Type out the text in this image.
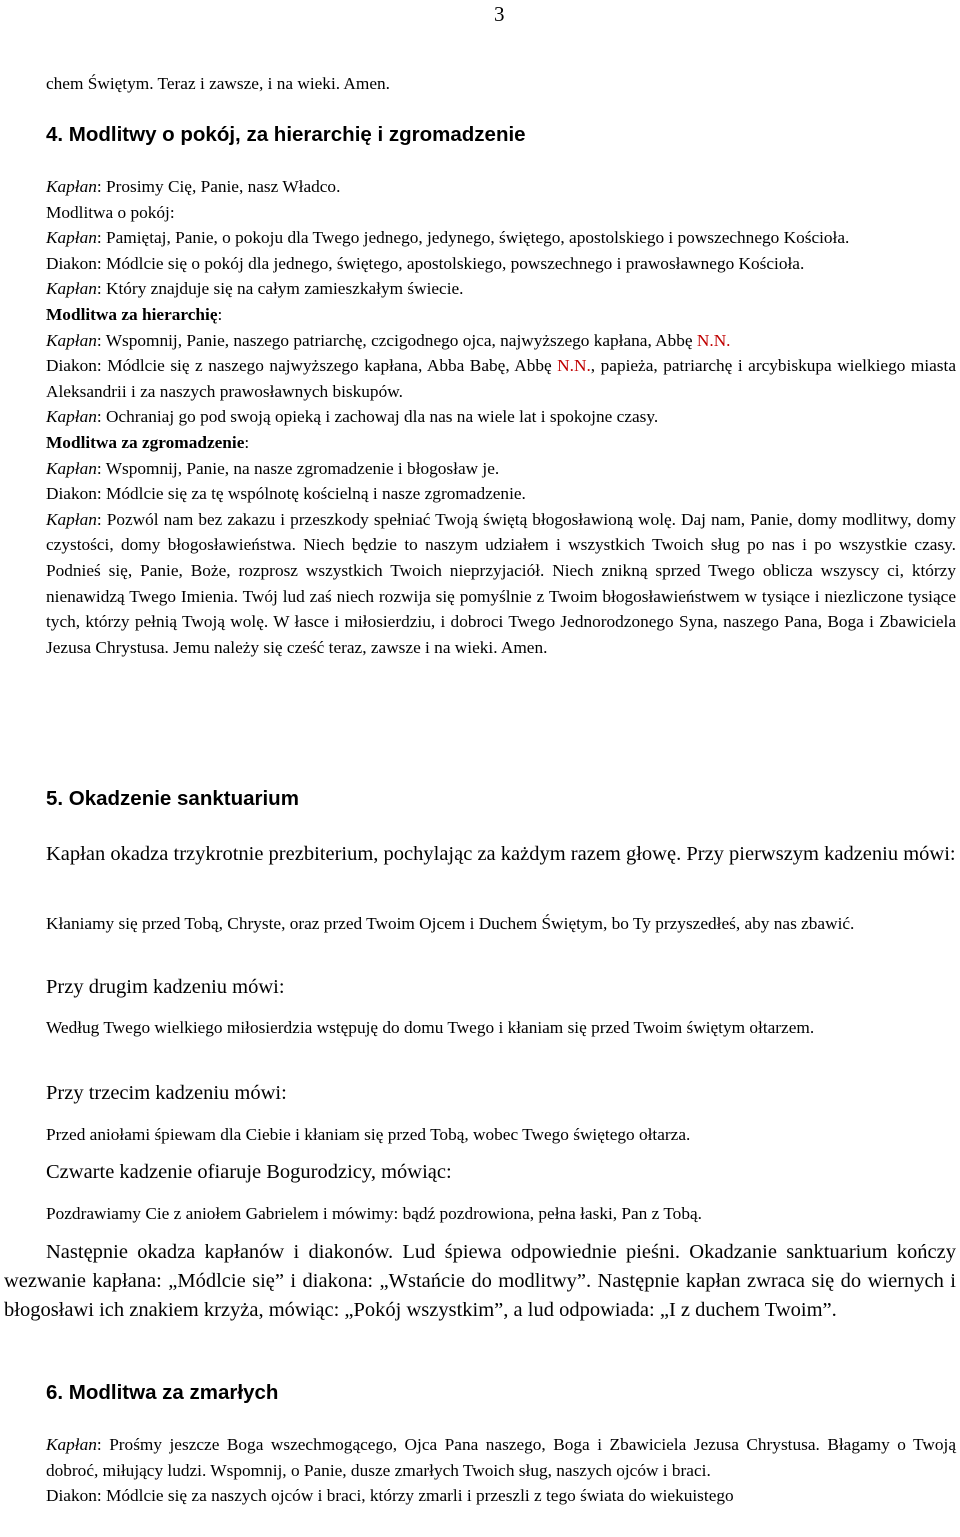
3

chem Świętym. Teraz i zawsze, i na wieki. Amen.

4. Modlitwy o pokój, za hierarchię i zgromadzenie

Kapłan: Prosimy Cię, Panie, nasz Władco.

Modlitwa o pokój:

Kapłan: Pamiętaj, Panie, o pokoju dla Twego jednego, jedynego, świętego, apostolskiego i powszechnego Kościoła.

Diakon: Módlcie się o pokój dla jednego, świętego, apostolskiego, powszechnego i prawosławnego Kościoła.

Kapłan: Który znajduje się na całym zamieszkałym świecie.

Modlitwa za hierarchię:

Kapłan: Wspomnij, Panie, naszego patriarchę, czcigodnego ojca, najwyższego kapłana, Abbę N.N.

Diakon: Módlcie się z naszego najwyższego kapłana, Abba Babę, Abbę N.N., papieża, patriarchę i arcybiskupa wielkiego miasta Aleksandrii i za naszych prawosławnych biskupów.

Kapłan: Ochraniaj go pod swoją opieką i zachowaj dla nas na wiele lat i spokojne czasy.

Modlitwa za zgromadzenie:

Kapłan: Wspomnij, Panie, na nasze zgromadzenie i błogosław je.

Diakon: Módlcie się za tę wspólnotę kościelną i nasze zgromadzenie.

Kapłan: Pozwól nam bez zakazu i przeszkody spełniać Twoją świętą błogosławioną wolę. Daj nam, Panie, domy modlitwy, domy czystości, domy błogosławieństwa. Niech będzie to naszym udziałem i wszystkich Twoich sług po nas i po wszystkie czasy. Podnieś się, Panie, Boże, rozprosz wszystkich Twoich nieprzyjaciół. Niech znikną sprzed Twego oblicza wszyscy ci, którzy nienawidzą Twego Imienia. Twój lud zaś niech rozwija się pomyślnie z Twoim błogosławieństwem w tysiące i niezliczone tysiące tych, którzy pełnią Twoją wolę. W łasce i miłosierdziu, i dobroci Twego Jednorodzonego Syna, naszego Pana, Boga i Zbawiciela Jezusa Chrystusa. Jemu należy się cześć teraz, zawsze i na wieki. Amen.

5. Okadzenie sanktuarium

Kapłan okadza trzykrotnie prezbiterium, pochylając za każdym razem głowę. Przy pierwszym kadzeniu mówi:

Kłaniamy się przed Tobą, Chryste, oraz przed Twoim Ojcem i Duchem Świętym, bo Ty przyszedłeś, aby nas zbawić.

Przy drugim kadzeniu mówi:

Według Twego wielkiego miłosierdzia wstępuję do domu Twego i kłaniam się przed Twoim świętym ołtarzem.

Przy trzecim kadzeniu mówi:

Przed aniołami śpiewam dla Ciebie i kłaniam się przed Tobą, wobec Twego świętego ołtarza.

Czwarte kadzenie ofiaruje Bogurodzicy, mówiąc:

Pozdrawiamy Cie z aniołem Gabrielem i mówimy: bądź pozdrowiona, pełna łaski, Pan z Tobą.

Następnie okadza kapłanów i diakonów. Lud śpiewa odpowiednie pieśni. Okadzanie sanktuarium kończy wezwanie kapłana: „Módlcie się” i diakona: „Wstańcie do modlitwy”. Następnie kapłan zwraca się do wiernych i błogosławi ich znakiem krzyża, mówiąc: „Pokój wszystkim”, a lud odpowiada: „I z duchem Twoim”.

6. Modlitwa za zmarłych

Kapłan: Prośmy jeszcze Boga wszechmogącego, Ojca Pana naszego, Boga i Zbawiciela Jezusa Chrystusa. Błagamy o Twoją dobroć, miłujący ludzi. Wspomnij, o Panie, dusze zmarłych Twoich sług, naszych ojców i braci.

Diakon: Módlcie się za naszych ojców i braci, którzy zmarli i przeszli z tego świata do wiekuistego
